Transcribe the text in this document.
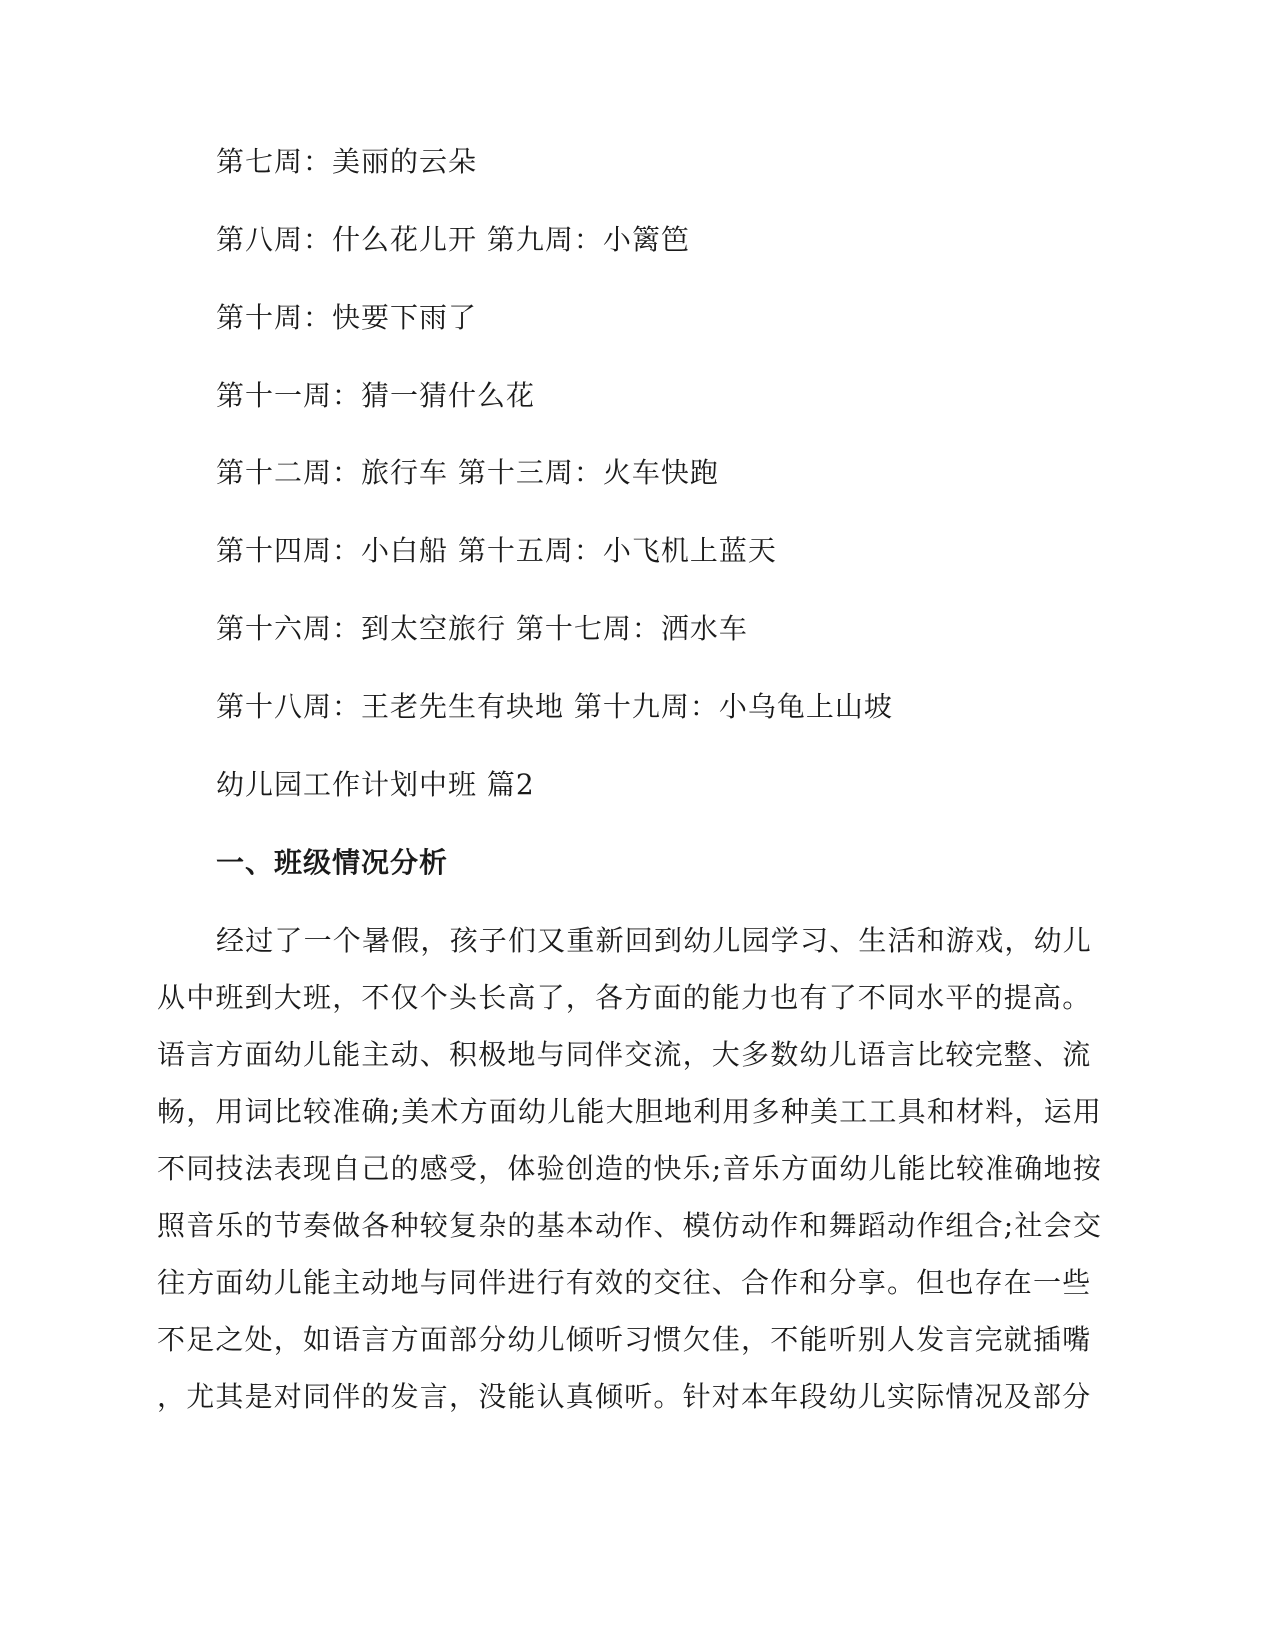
第七周：美丽的云朵

第八周：什么花儿开 第九周：小篱笆

第十周：快要下雨了

第十一周：猜一猜什么花

第十二周：旅行车 第十三周：火车快跑

第十四周：小白船 第十五周：小飞机上蓝天

第十六周：到太空旅行 第十七周：洒水车

第十八周：王老先生有块地 第十九周：小乌龟上山坡

幼儿园工作计划中班 篇2

一、班级情况分析
经过了一个暑假，孩子们又重新回到幼儿园学习、生活和游戏，幼儿
从中班到大班，不仅个头长高了，各方面的能力也有了不同水平的提高。
语言方面幼儿能主动、积极地与同伴交流，大多数幼儿语言比较完整、流
畅，用词比较准确;美术方面幼儿能大胆地利用多种美工工具和材料，运用
不同技法表现自己的感受，体验创造的快乐;音乐方面幼儿能比较准确地按
照音乐的节奏做各种较复杂的基本动作、模仿动作和舞蹈动作组合;社会交
往方面幼儿能主动地与同伴进行有效的交往、合作和分享。但也存在一些
不足之处，如语言方面部分幼儿倾听习惯欠佳，不能听别人发言完就插嘴
，尤其是对同伴的发言，没能认真倾听。针对本年段幼儿实际情况及部分
